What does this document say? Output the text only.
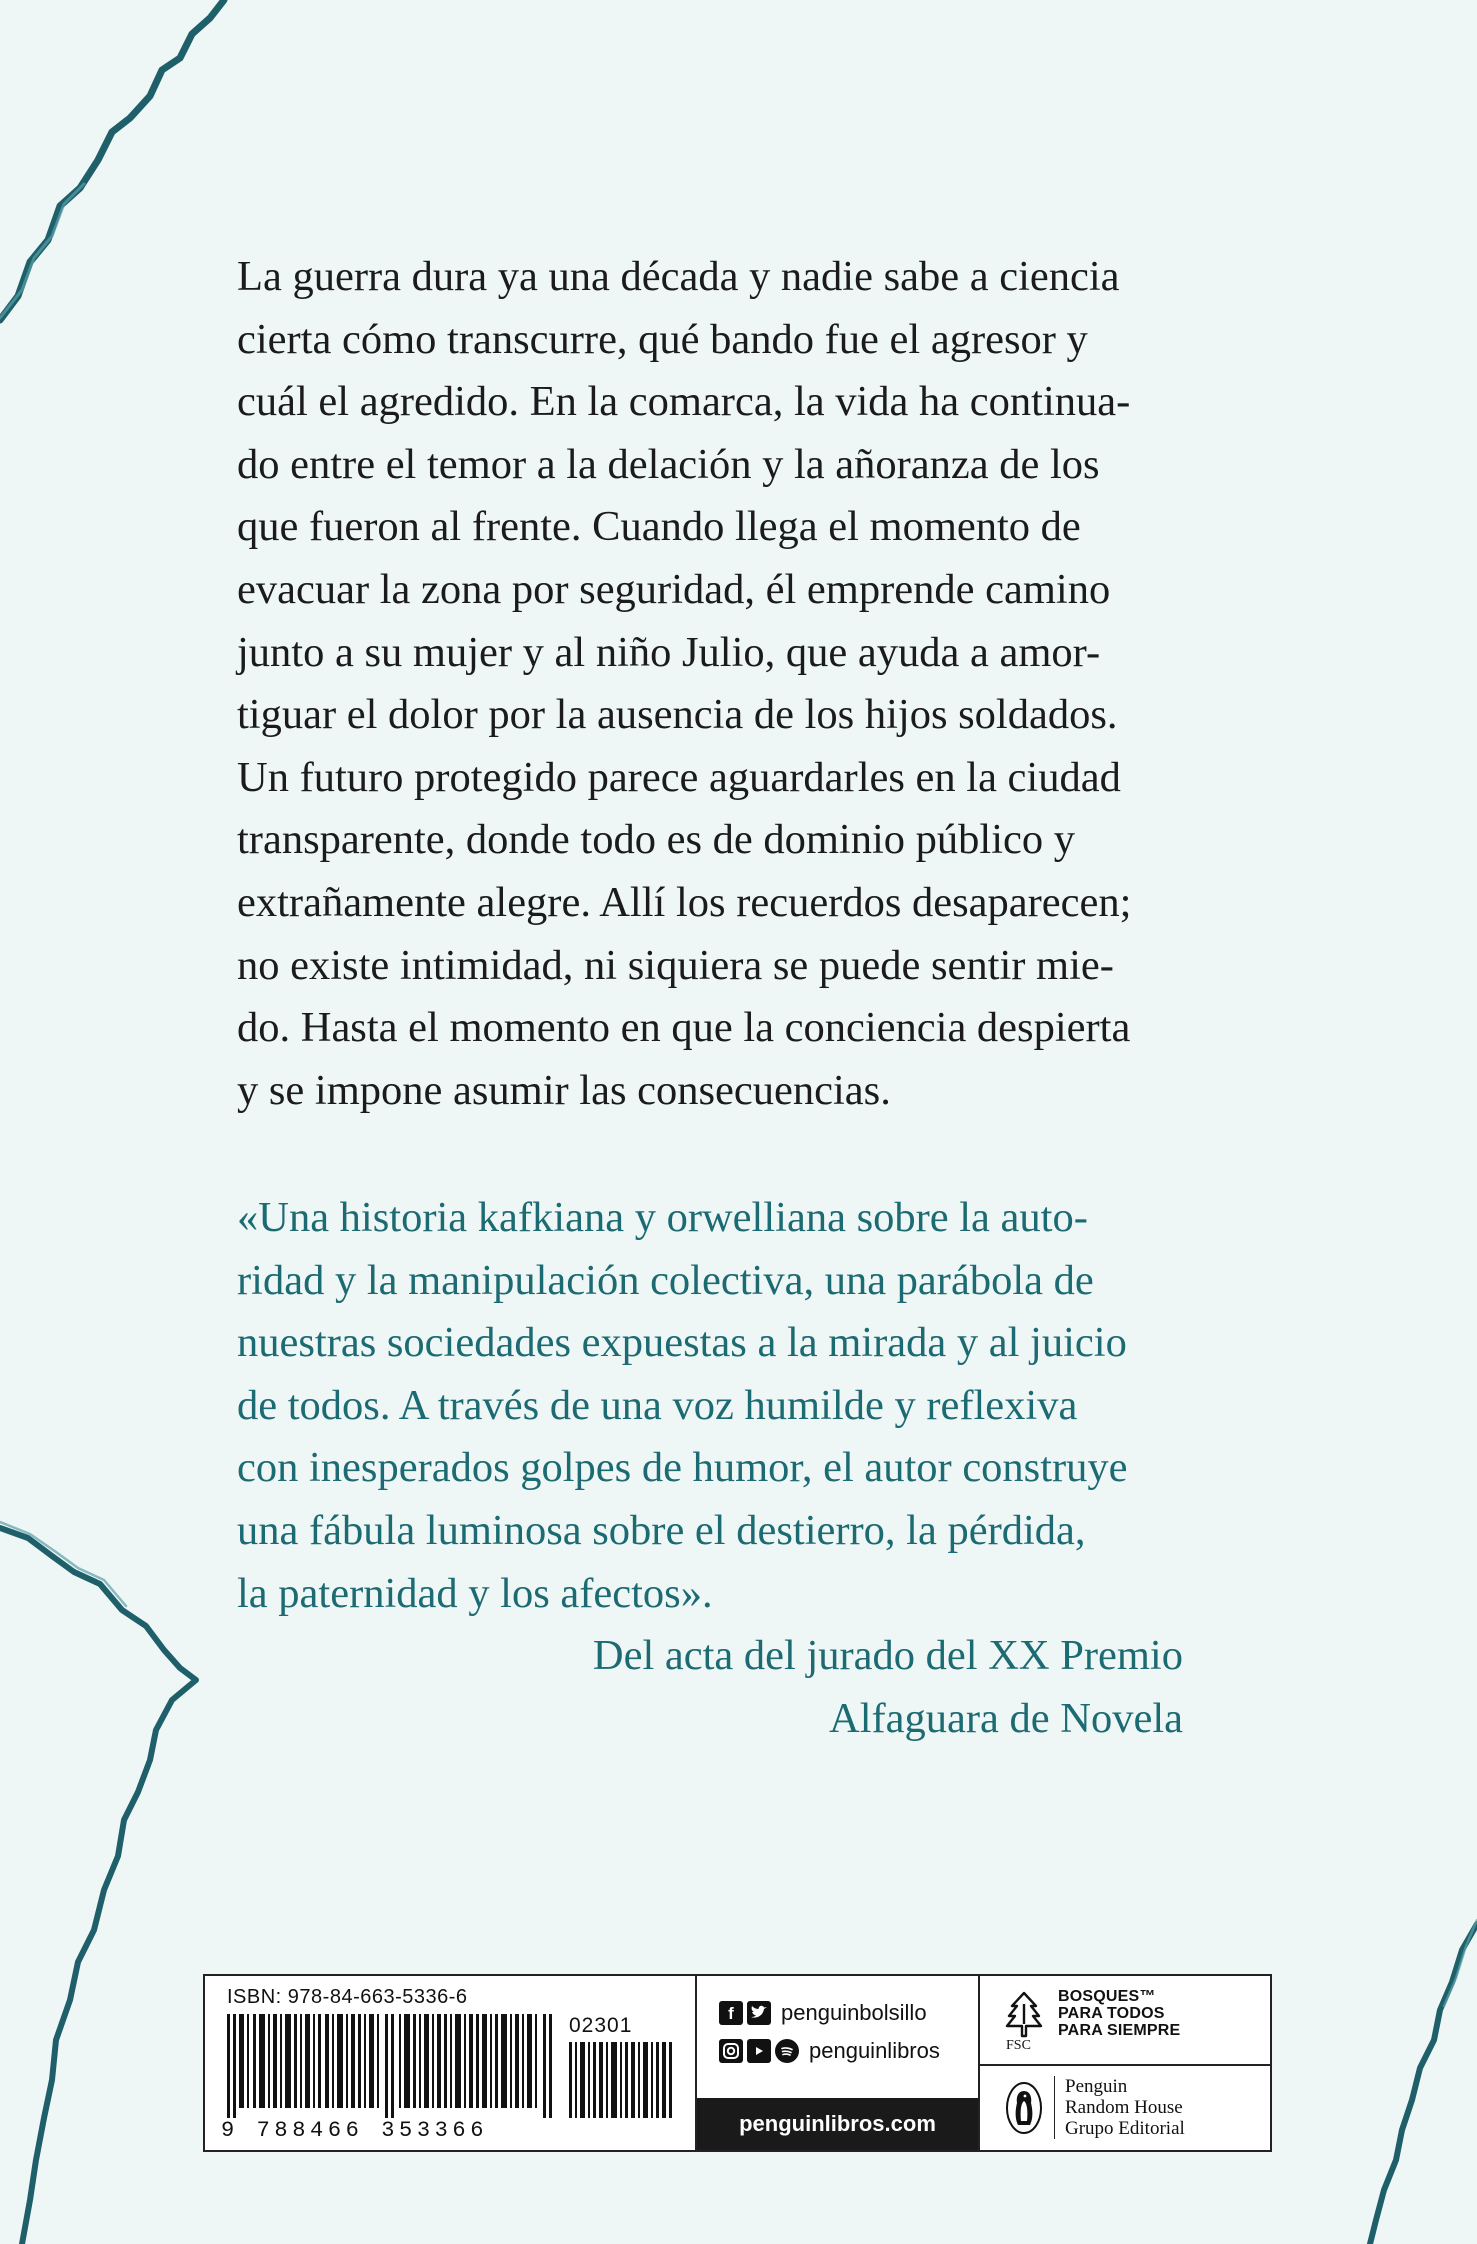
La guerra dura ya una década y nadie sabe a ciencia
cierta cómo transcurre, qué bando fue el agresor y
cuál el agredido. En la comarca, la vida ha continua-
do entre el temor a la delación y la añoranza de los
que fueron al frente. Cuando llega el momento de
evacuar la zona por seguridad, él emprende camino
junto a su mujer y al niño Julio, que ayuda a amor-
tiguar el dolor por la ausencia de los hijos soldados.
Un futuro protegido parece aguardarles en la ciudad
transparente, donde todo es de dominio público y
extrañamente alegre. Allí los recuerdos desaparecen;
no existe intimidad, ni siquiera se puede sentir mie-
do. Hasta el momento en que la conciencia despierta
y se impone asumir las consecuencias.
«Una historia kafkiana y orwelliana sobre la auto-
ridad y la manipulación colectiva, una parábola de
nuestras sociedades expuestas a la mirada y al juicio
de todos. A través de una voz humilde y reflexiva
con inesperados golpes de humor, el autor construye
una fábula luminosa sobre el destierro, la pérdida,
la paternidad y los afectos».
Del acta del jurado del XX Premio
Alfaguara de Novela
ISBN: 978-84-663-5336-6
9 788466 353366
02301
f	penguinbolsillo
penguinlibros
penguinlibros.com
BOSQUES™
PARA TODOS
PARA SIEMPRE
FSC
Penguin
Random House
Grupo Editorial
